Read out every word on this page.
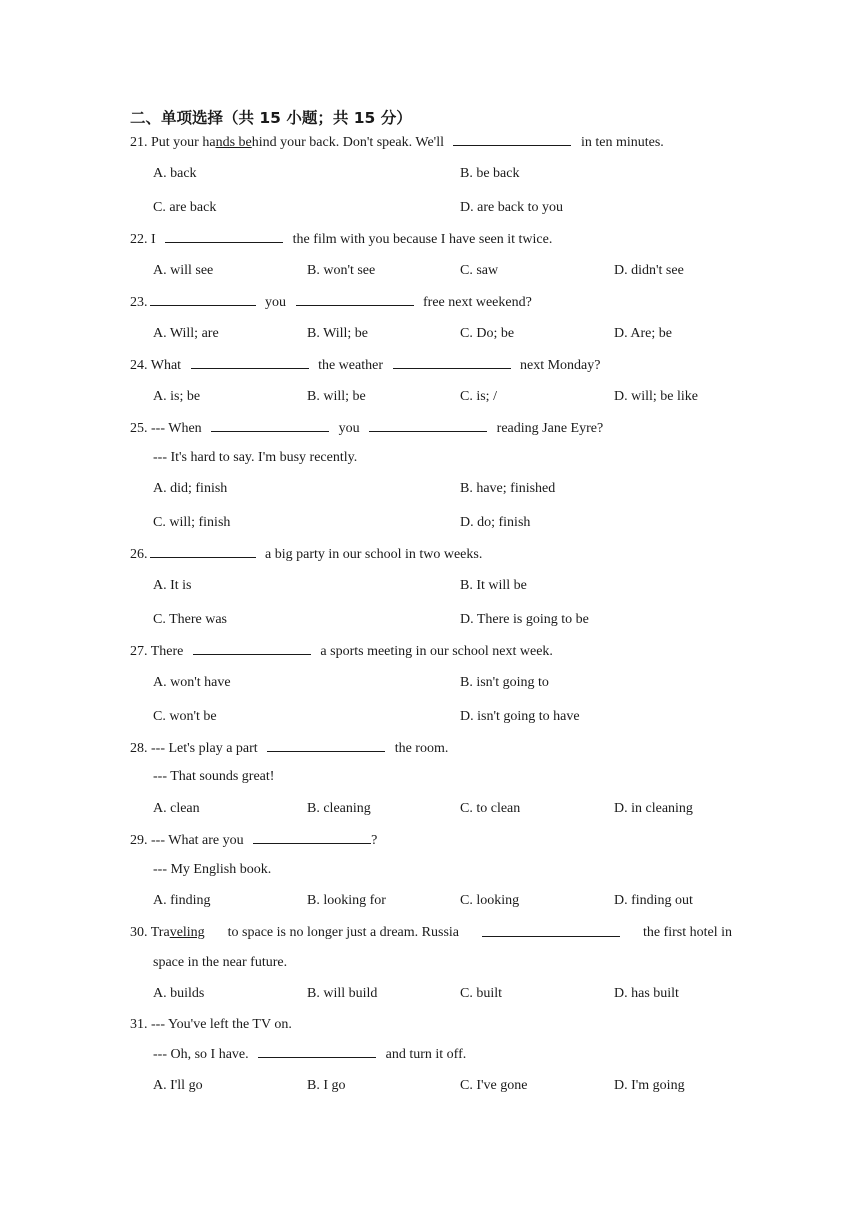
二、单项选择（共 15 小题；共 15 分）
21. Put your hands behind your back. Don't speak. We'll	in ten minutes.
A. back	B. be back
C. are back	D. are back to you
22. I	the film with you because I have seen it twice.
A. will see	B. won't see	C. saw	D. didn't see
23.	you	free next weekend?
A. Will; are	B. Will; be	C. Do; be	D. Are; be
24. What	the weather	next Monday?
A. is; be	B. will; be	C. is; /	D. will; be like
25. --- When	you	reading Jane Eyre?
--- It's hard to say. I'm busy recently.
A. did; finish	B. have; finished
C. will; finish	D. do; finish
26.	a big party in our school in two weeks.
A. It is	B. It will be
C. There was	D. There is going to be
27. There	a sports meeting in our school next week.
A. won't have	B. isn't going to
C. won't be	D. isn't going to have
28. --- Let's play a part	the room.
--- That sounds great!
A. clean	B. cleaning	C. to clean	D. in cleaning
29. --- What are you	?
--- My English book.
A. finding	B. looking for	C. looking	D. finding out
30. Traveling to space is no longer just a dream. Russia	the first hotel in
space in the near future.
A. builds	B. will build	C. built	D. has built
31. --- You've left the TV on.
--- Oh, so I have.	and turn it off.
A. I'll go	B. I go	C. I've gone	D. I'm going
